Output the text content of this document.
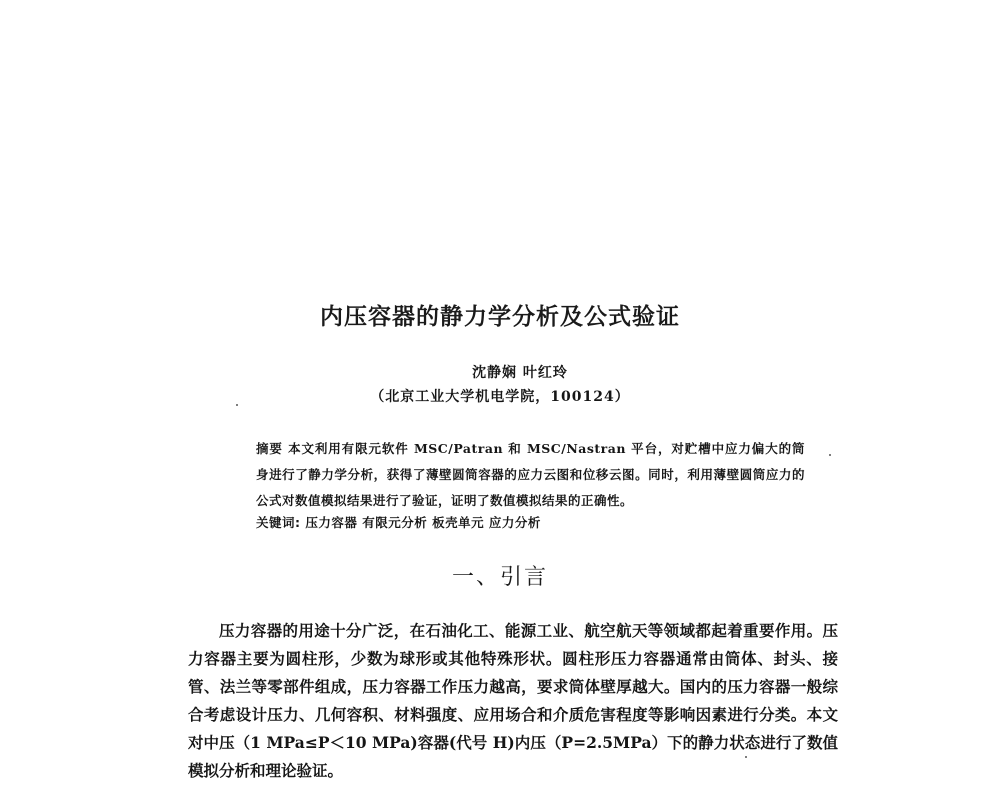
内压容器的静力学分析及公式验证
沈静娴 叶红玲
（北京工业大学机电学院，100124）

摘要 本文利用有限元软件 MSC/Patran 和 MSC/Nastran 平台，对贮槽中应力偏大的筒身进行了静力学分析，获得了薄壁圆筒容器的应力云图和位移云图。同时，利用薄壁圆筒应力的公式对数值模拟结果进行了验证，证明了数值模拟结果的正确性。

关键词: 压力容器 有限元分析 板壳单元 应力分析
一、引言

压力容器的用途十分广泛，在石油化工、能源工业、航空航天等领域都起着重要作用。压力容器主要为圆柱形，少数为球形或其他特殊形状。圆柱形压力容器通常由筒体、封头、接管、法兰等零部件组成，压力容器工作压力越高，要求筒体壁厚越大。国内的压力容器一般综合考虑设计压力、几何容积、材料强度、应用场合和介质危害程度等影响因素进行分类。本文对中压（1 MPa≤P＜10 MPa)容器(代号 H)内压（P=2.5MPa）下的静力状态进行了数值模拟分析和理论验证。
